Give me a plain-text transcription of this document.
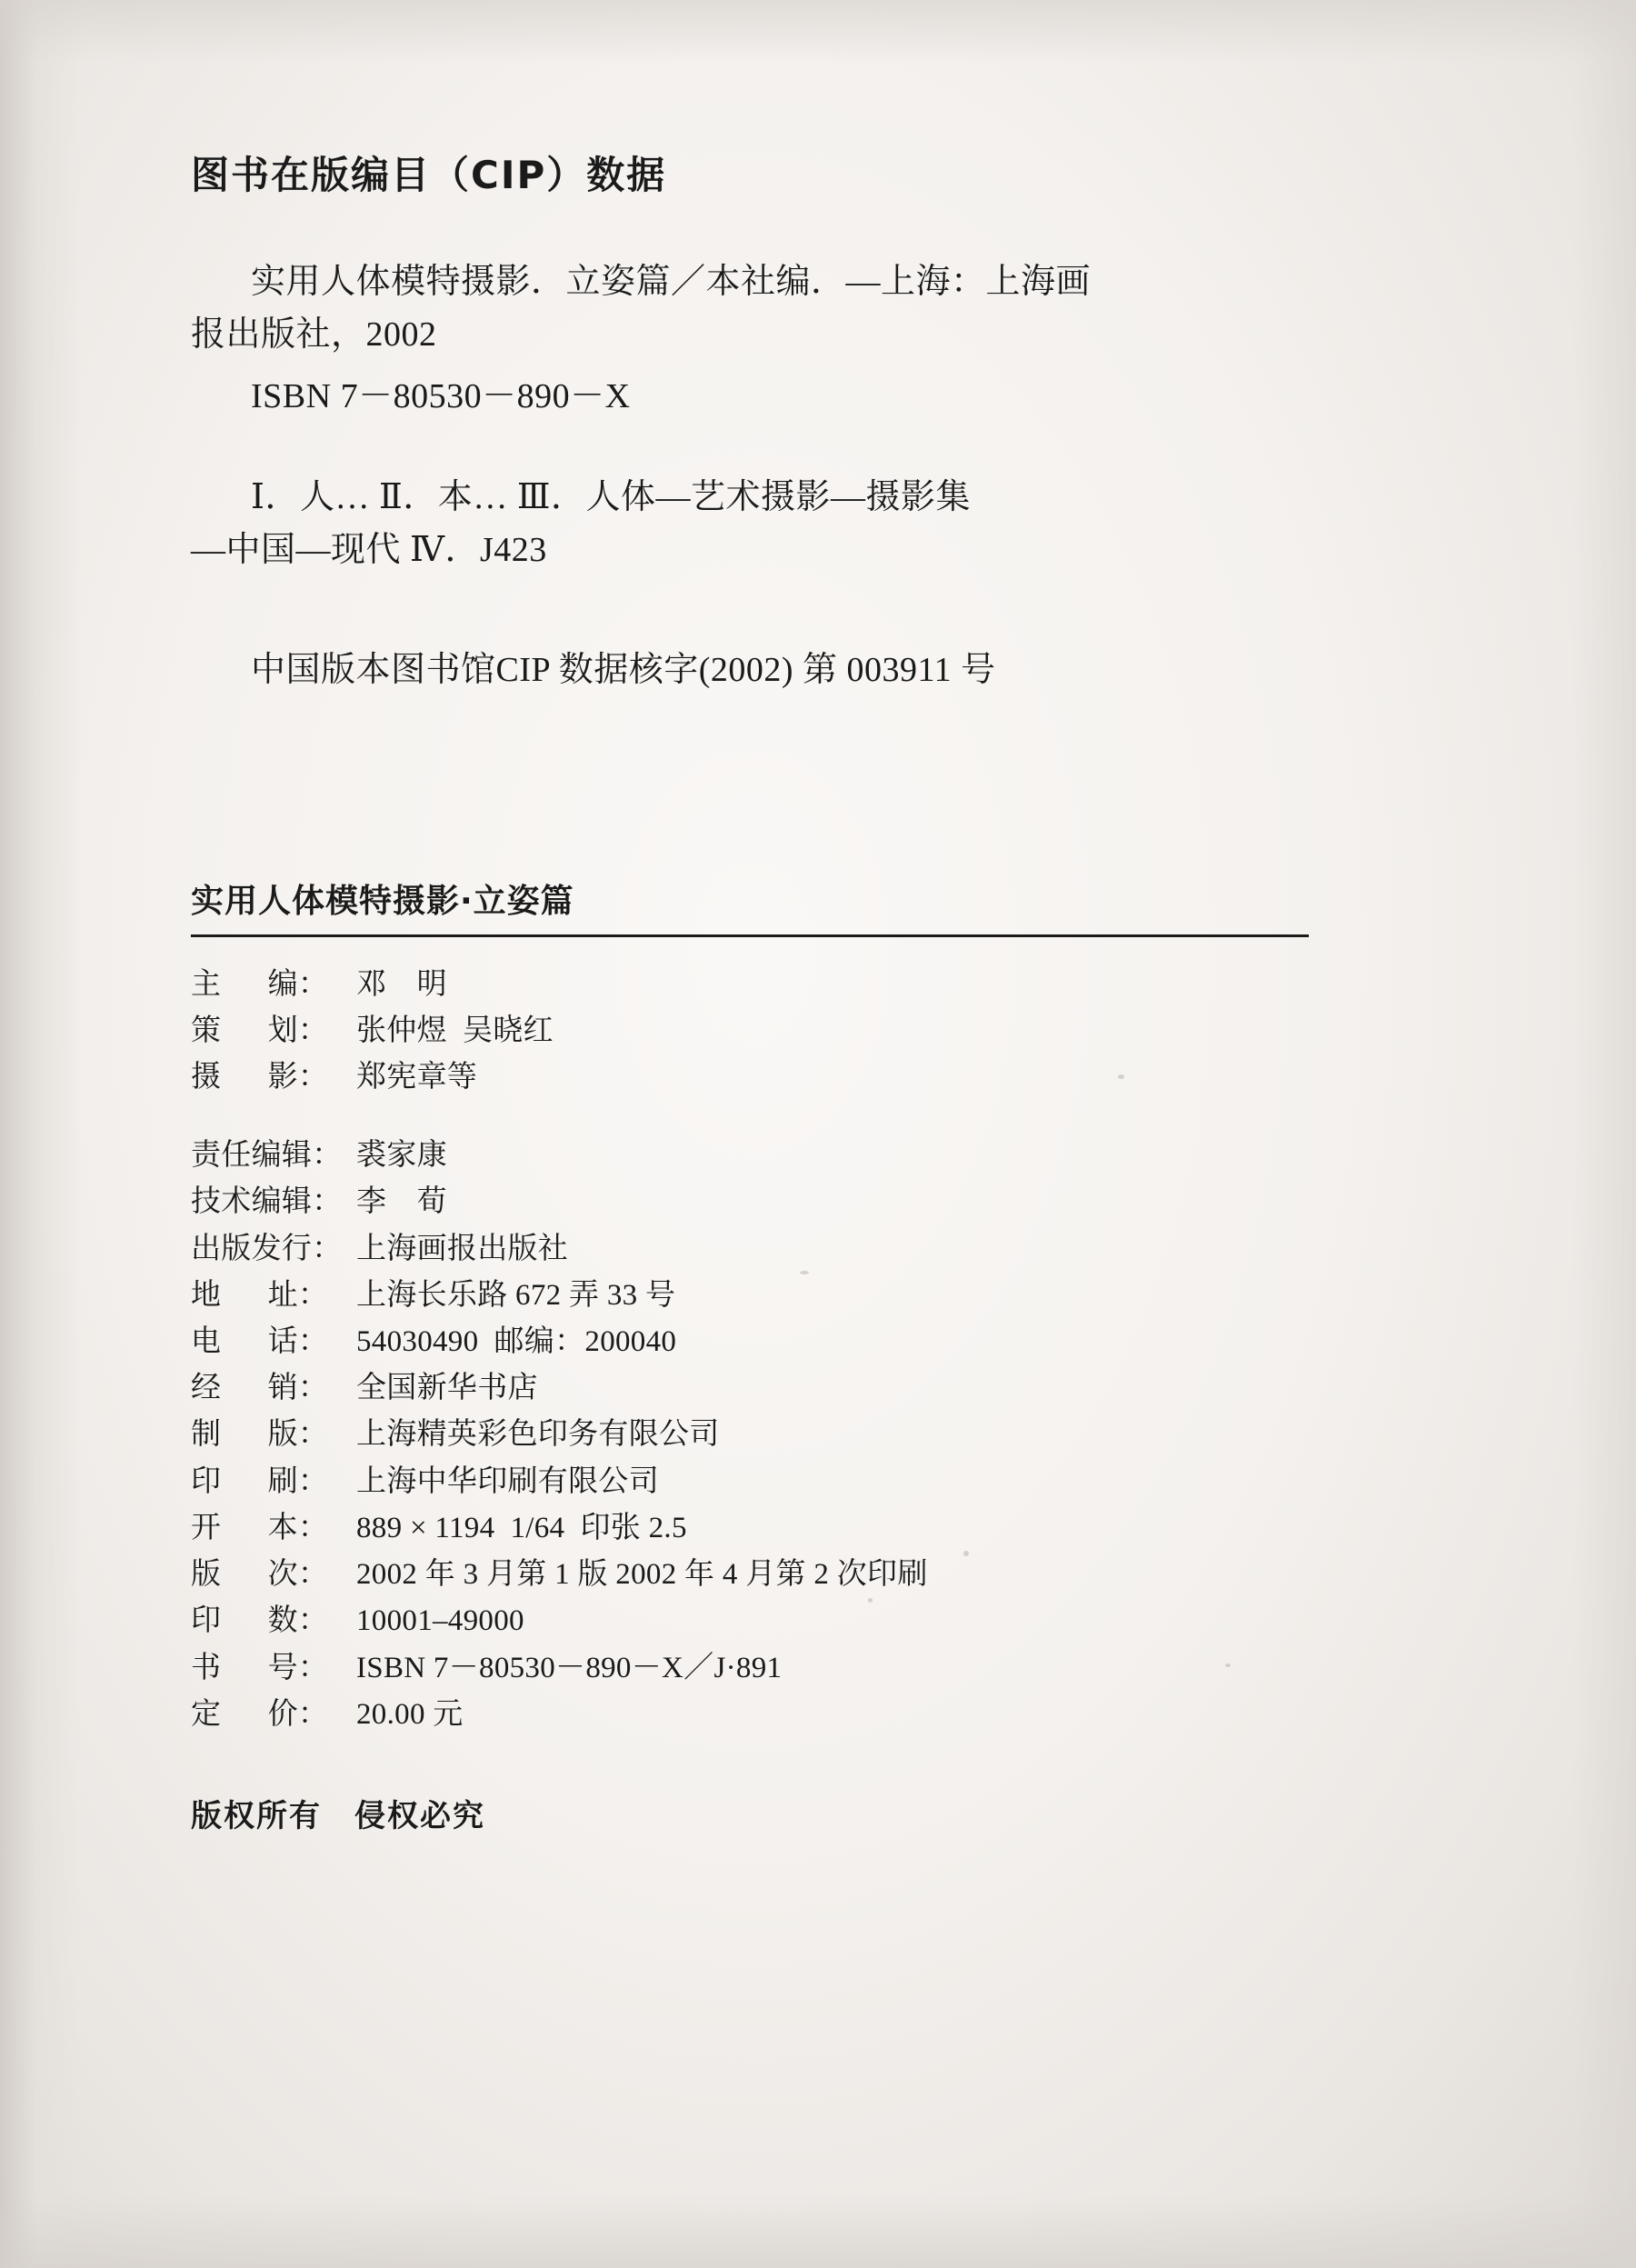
图书在版编目（CIP）数据

实用人体模特摄影．立姿篇／本社编．—上海：上海画

报出版社，2002

ISBN 7－80530－890－X

Ⅰ．人… Ⅱ．本… Ⅲ．人体—艺术摄影—摄影集

—中国—现代 Ⅳ．J423

中国版本图书馆CIP 数据核字(2002) 第 003911 号

实用人体模特摄影·立姿篇
主      编： 邓　明
策      划： 张仲煜  吴晓红
摄      影： 郑宪章等
责任编辑： 裘家康
技术编辑： 李　荀
出版发行： 上海画报出版社
地      址： 上海长乐路 672 弄 33 号
电      话： 54030490  邮编：200040
经      销： 全国新华书店
制      版： 上海精英彩色印务有限公司
印      刷： 上海中华印刷有限公司
开      本： 889 × 1194  1/64  印张 2.5
版      次： 2002 年 3 月第 1 版 2002 年 4 月第 2 次印刷
印      数： 10001–49000
书      号： ISBN 7－80530－890－X／J·891
定      价： 20.00 元
版权所有　侵权必究
